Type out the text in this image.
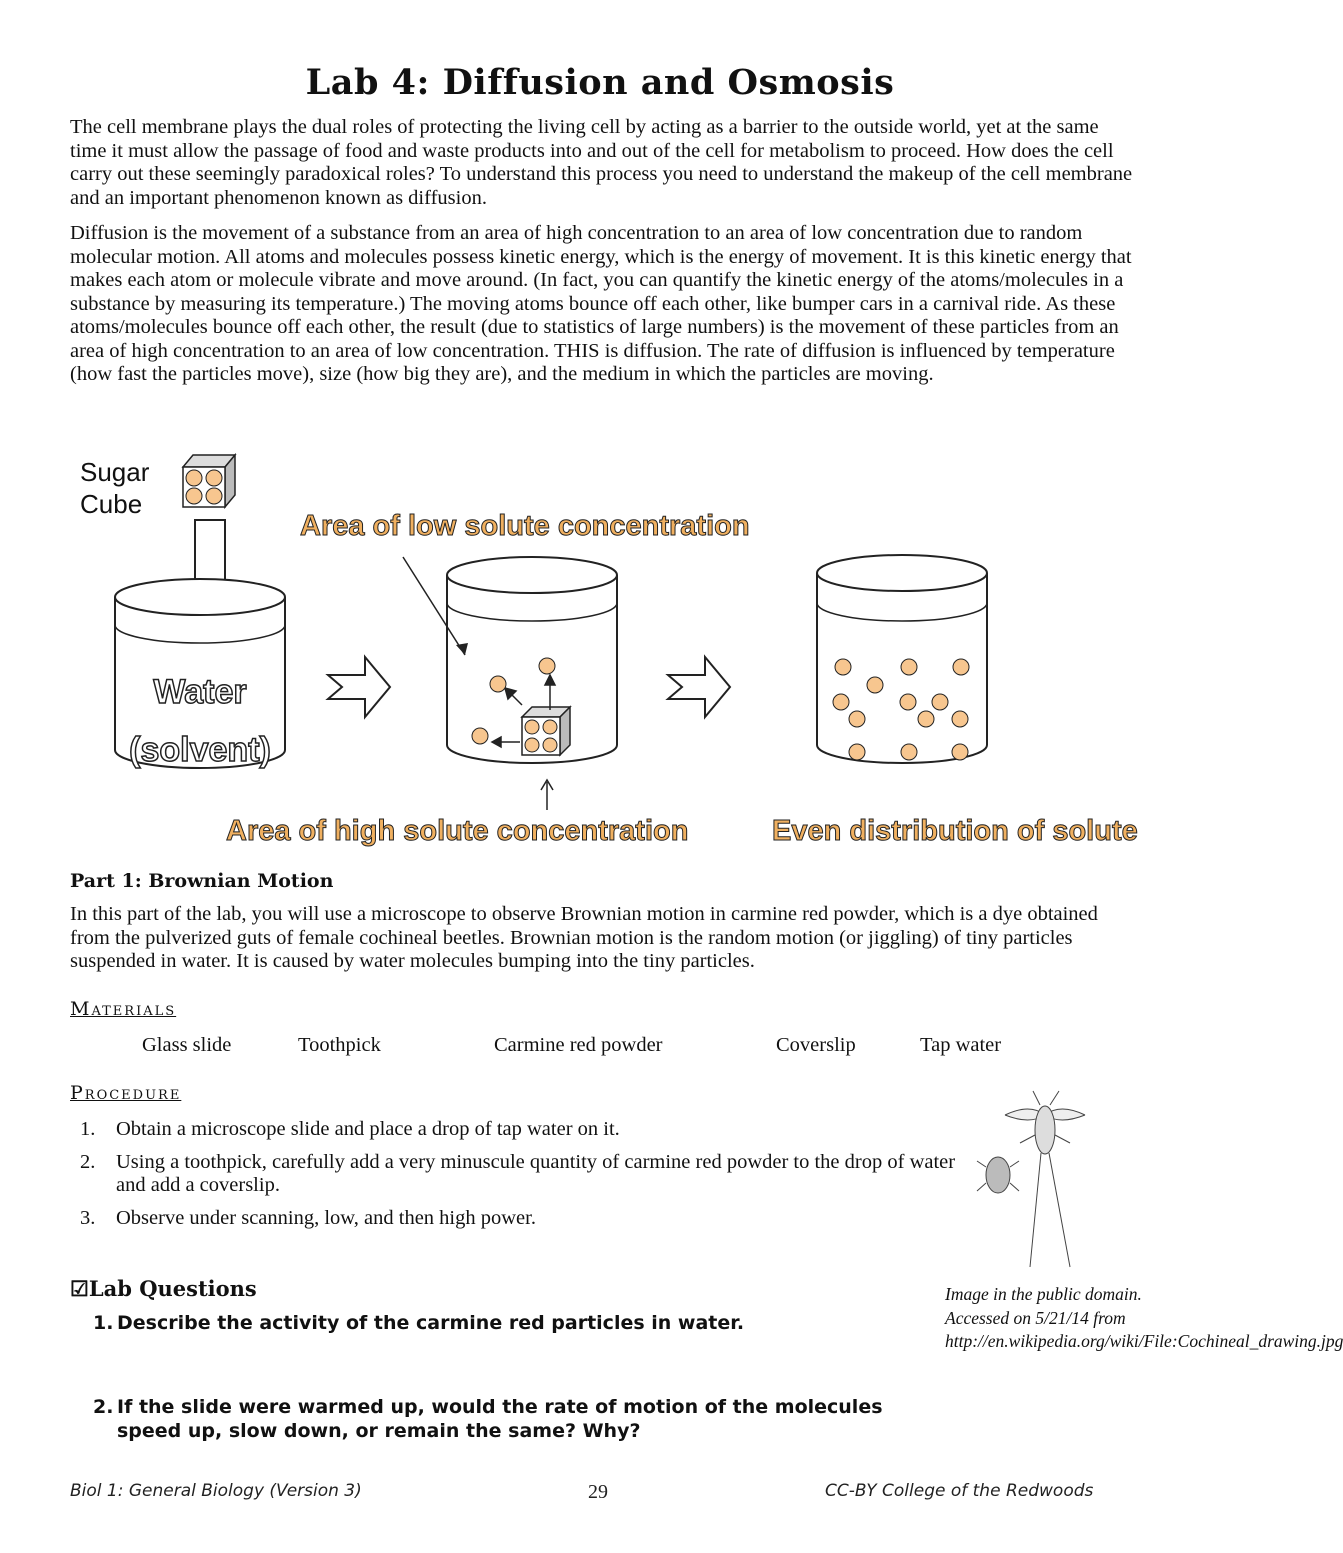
Lab 4: Diffusion and Osmosis

The cell membrane plays the dual roles of protecting the living cell by acting as a barrier to the outside world, yet at the same time it must allow the passage of food and waste products into and out of the cell for metabolism to proceed. How does the cell carry out these seemingly paradoxical roles? To understand this process you need to understand the makeup of the cell membrane and an important phenomenon known as diffusion.

Diffusion is the movement of a substance from an area of high concentration to an area of low concentration due to random molecular motion. All atoms and molecules possess kinetic energy, which is the energy of movement. It is this kinetic energy that makes each atom or molecule vibrate and move around. (In fact, you can quantify the kinetic energy of the atoms/molecules in a substance by measuring its temperature.) The moving atoms bounce off each other, like bumper cars in a carnival ride. As these atoms/molecules bounce off each other, the result (due to statistics of large numbers) is the movement of these particles from an area of high concentration to an area of low concentration. THIS is diffusion. The rate of diffusion is influenced by temperature (how fast the particles move), size (how big they are), and the medium in which the particles are moving.

Sugar
Cube
Water
(solvent)
Area of low solute concentration
Area of high solute concentration	Even distribution of solute
Part 1: Brownian Motion

In this part of the lab, you will use a microscope to observe Brownian motion in carmine red powder, which is a dye obtained from the pulverized guts of female cochineal beetles. Brownian motion is the random motion (or jiggling) of tiny particles suspended in water. It is caused by water molecules bumping into the tiny particles.

Materials
Glass slide	Toothpick	Carmine red powder	Coverslip	Tap water
Procedure
1.	Obtain a microscope slide and place a drop of tap water on it.
2.	Using a toothpick, carefully add a very minuscule quantity of carmine red powder to the drop of water and add a coverslip.
3.	Observe under scanning, low, and then high power.
Image in the public domain. Accessed on 5/21/14 from http://en.wikipedia.org/wiki/File:Cochineal_drawing.jpg
☑Lab Questions
1. Describe the activity of the carmine red particles in water.
2. If the slide were warmed up, would the rate of motion of the molecules speed up, slow down, or remain the same? Why?
Biol 1: General Biology (Version 3)	29	CC-BY College of the Redwoods
